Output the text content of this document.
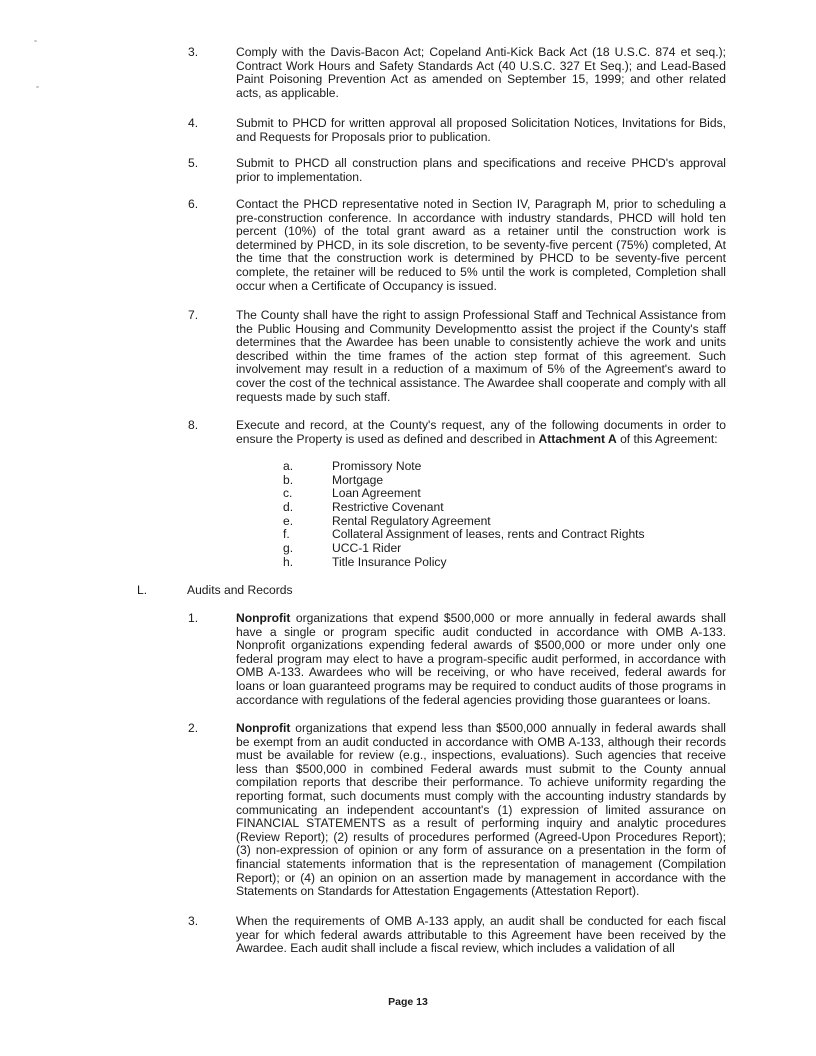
3.	Comply with the Davis-Bacon Act; Copeland Anti-Kick Back Act (18 U.S.C. 874 et seq.); Contract Work Hours and Safety Standards Act (40 U.S.C. 327 Et Seq.); and Lead-Based Paint Poisoning Prevention Act as amended on September 15, 1999; and other related acts, as applicable.
4.	Submit to PHCD for written approval all proposed Solicitation Notices, Invitations for Bids, and Requests for Proposals prior to publication.
5.	Submit to PHCD all construction plans and specifications and receive PHCD's approval prior to implementation.
6.	Contact the PHCD representative noted in Section IV, Paragraph M, prior to scheduling a pre-construction conference. In accordance with industry standards, PHCD will hold ten percent (10%) of the total grant award as a retainer until the construction work is determined by PHCD, in its sole discretion, to be seventy-five percent (75%) completed, At the time that the construction work is determined by PHCD to be seventy-five percent complete, the retainer will be reduced to 5% until the work is completed, Completion shall occur when a Certificate of Occupancy is issued.
7.	The County shall have the right to assign Professional Staff and Technical Assistance from the Public Housing and Community Developmentto assist the project if the County's staff determines that the Awardee has been unable to consistently achieve the work and units described within the time frames of the action step format of this agreement. Such involvement may result in a reduction of a maximum of 5% of the Agreement's award to cover the cost of the technical assistance. The Awardee shall cooperate and comply with all requests made by such staff.
8.	Execute and record, at the County's request, any of the following documents in order to ensure the Property is used as defined and described in Attachment A of this Agreement:
a.	Promissory Note
b.	Mortgage
c.	Loan Agreement
d.	Restrictive Covenant
e.	Rental Regulatory Agreement
f.	Collateral Assignment of leases, rents and Contract Rights
g.	UCC-1 Rider
h.	Title Insurance Policy
L.	Audits and Records
1.	Nonprofit organizations that expend $500,000 or more annually in federal awards shall have a single or program specific audit conducted in accordance with OMB A-133. Nonprofit organizations expending federal awards of $500,000 or more under only one federal program may elect to have a program-specific audit performed, in accordance with OMB A-133. Awardees who will be receiving, or who have received, federal awards for loans or loan guaranteed programs may be required to conduct audits of those programs in accordance with regulations of the federal agencies providing those guarantees or loans.
2.	Nonprofit organizations that expend less than $500,000 annually in federal awards shall be exempt from an audit conducted in accordance with OMB A-133, although their records must be available for review (e.g., inspections, evaluations). Such agencies that receive less than $500,000 in combined Federal awards must submit to the County annual compilation reports that describe their performance. To achieve uniformity regarding the reporting format, such documents must comply with the accounting industry standards by communicating an independent accountant's (1) expression of limited assurance on FINANCIAL STATEMENTS as a result of performing inquiry and analytic procedures (Review Report); (2) results of procedures performed (Agreed-Upon Procedures Report); (3) non-expression of opinion or any form of assurance on a presentation in the form of financial statements information that is the representation of management (Compilation Report); or (4) an opinion on an assertion made by management in accordance with the Statements on Standards for Attestation Engagements (Attestation Report).
3.	When the requirements of OMB A-133 apply, an audit shall be conducted for each fiscal year for which federal awards attributable to this Agreement have been received by the Awardee. Each audit shall include a fiscal review, which includes a validation of all
Page 13
